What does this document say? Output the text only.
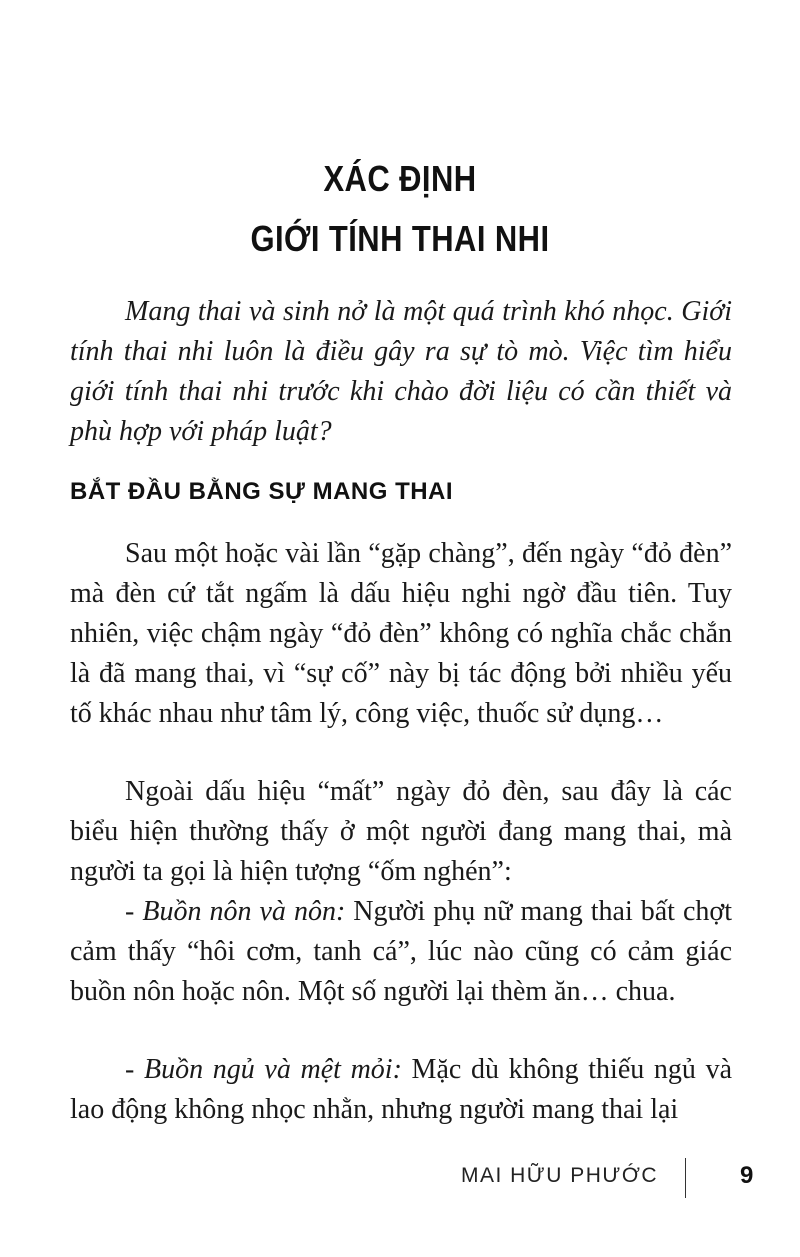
XÁC ĐỊNH
GIỚI TÍNH THAI NHI

Mang thai và sinh nở là một quá trình khó nhọc. Giới tính thai nhi luôn là điều gây ra sự tò mò. Việc tìm hiểu giới tính thai nhi trước khi chào đời liệu có cần thiết và phù hợp với pháp luật?

BẮT ĐẦU BẰNG SỰ MANG THAI

Sau một hoặc vài lần “gặp chàng”, đến ngày “đỏ đèn” mà đèn cứ tắt ngấm là dấu hiệu nghi ngờ đầu tiên. Tuy nhiên, việc chậm ngày “đỏ đèn” không có nghĩa chắc chắn là đã mang thai, vì “sự cố” này bị tác động bởi nhiều yếu tố khác nhau như tâm lý, công việc, thuốc sử dụng…

Ngoài dấu hiệu “mất” ngày đỏ đèn, sau đây là các biểu hiện thường thấy ở một người đang mang thai, mà người ta gọi là hiện tượng “ốm nghén”:

- Buồn nôn và nôn: Người phụ nữ mang thai bất chợt cảm thấy “hôi cơm, tanh cá”, lúc nào cũng có cảm giác buồn nôn hoặc nôn. Một số người lại thèm ăn… chua.

- Buồn ngủ và mệt mỏi: Mặc dù không thiếu ngủ và lao động không nhọc nhằn, nhưng người mang thai lại

MAI HỮU PHƯỚC	9
